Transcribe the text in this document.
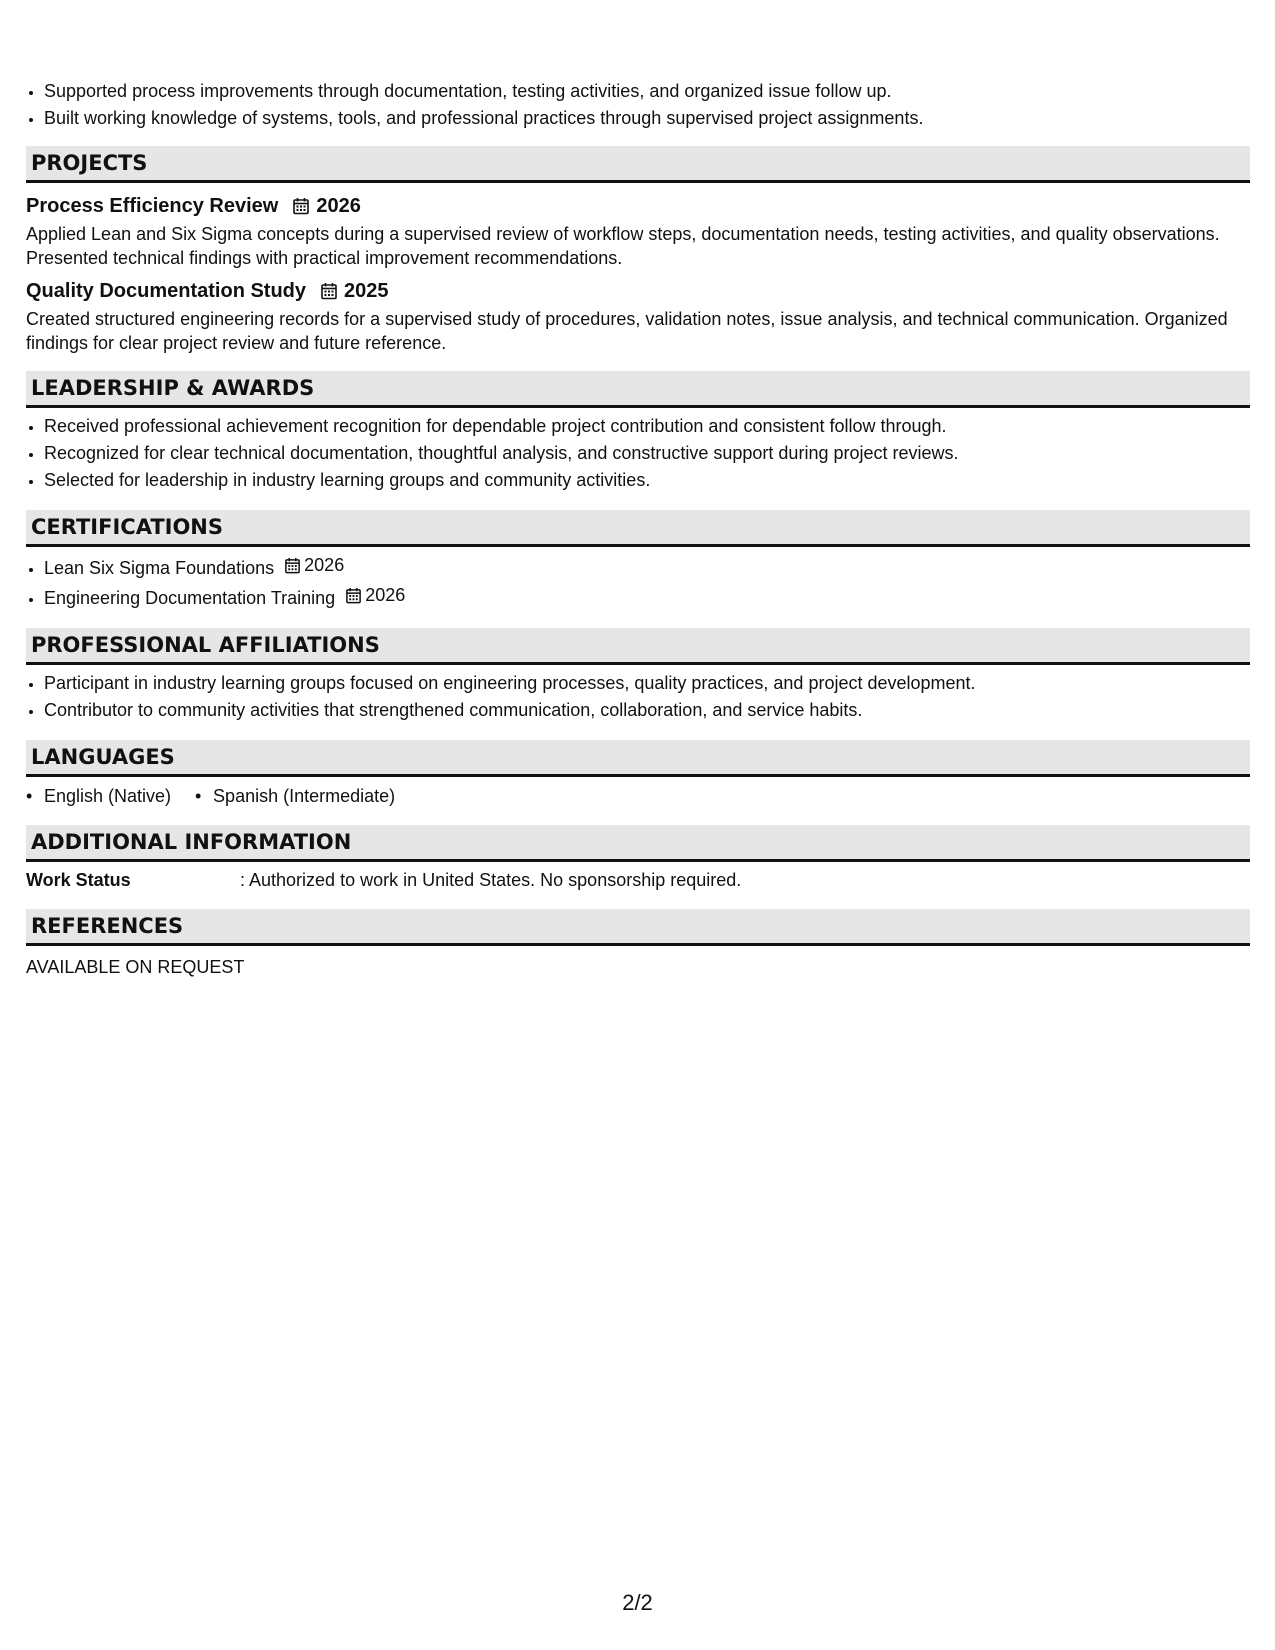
• Supported process improvements through documentation, testing activities, and organized issue follow up.
• Built working knowledge of systems, tools, and professional practices through supervised project assignments.
PROJECTS
Process Efficiency Review 2026
Applied Lean and Six Sigma concepts during a supervised review of workflow steps, documentation needs, testing activities, and quality observations. Presented technical findings with practical improvement recommendations.
Quality Documentation Study 2025
Created structured engineering records for a supervised study of procedures, validation notes, issue analysis, and technical communication. Organized findings for clear project review and future reference.
LEADERSHIP & AWARDS
• Received professional achievement recognition for dependable project contribution and consistent follow through.
• Recognized for clear technical documentation, thoughtful analysis, and constructive support during project reviews.
• Selected for leadership in industry learning groups and community activities.
CERTIFICATIONS
• Lean Six Sigma Foundations 2026
• Engineering Documentation Training 2026
PROFESSIONAL AFFILIATIONS
• Participant in industry learning groups focused on engineering processes, quality practices, and project development.
• Contributor to community activities that strengthened communication, collaboration, and service habits.
LANGUAGES
• English (Native)
•	Spanish (Intermediate)
ADDITIONAL INFORMATION
Work Status	: Authorized to work in United States. No sponsorship required.
REFERENCES
AVAILABLE ON REQUEST
2/2
